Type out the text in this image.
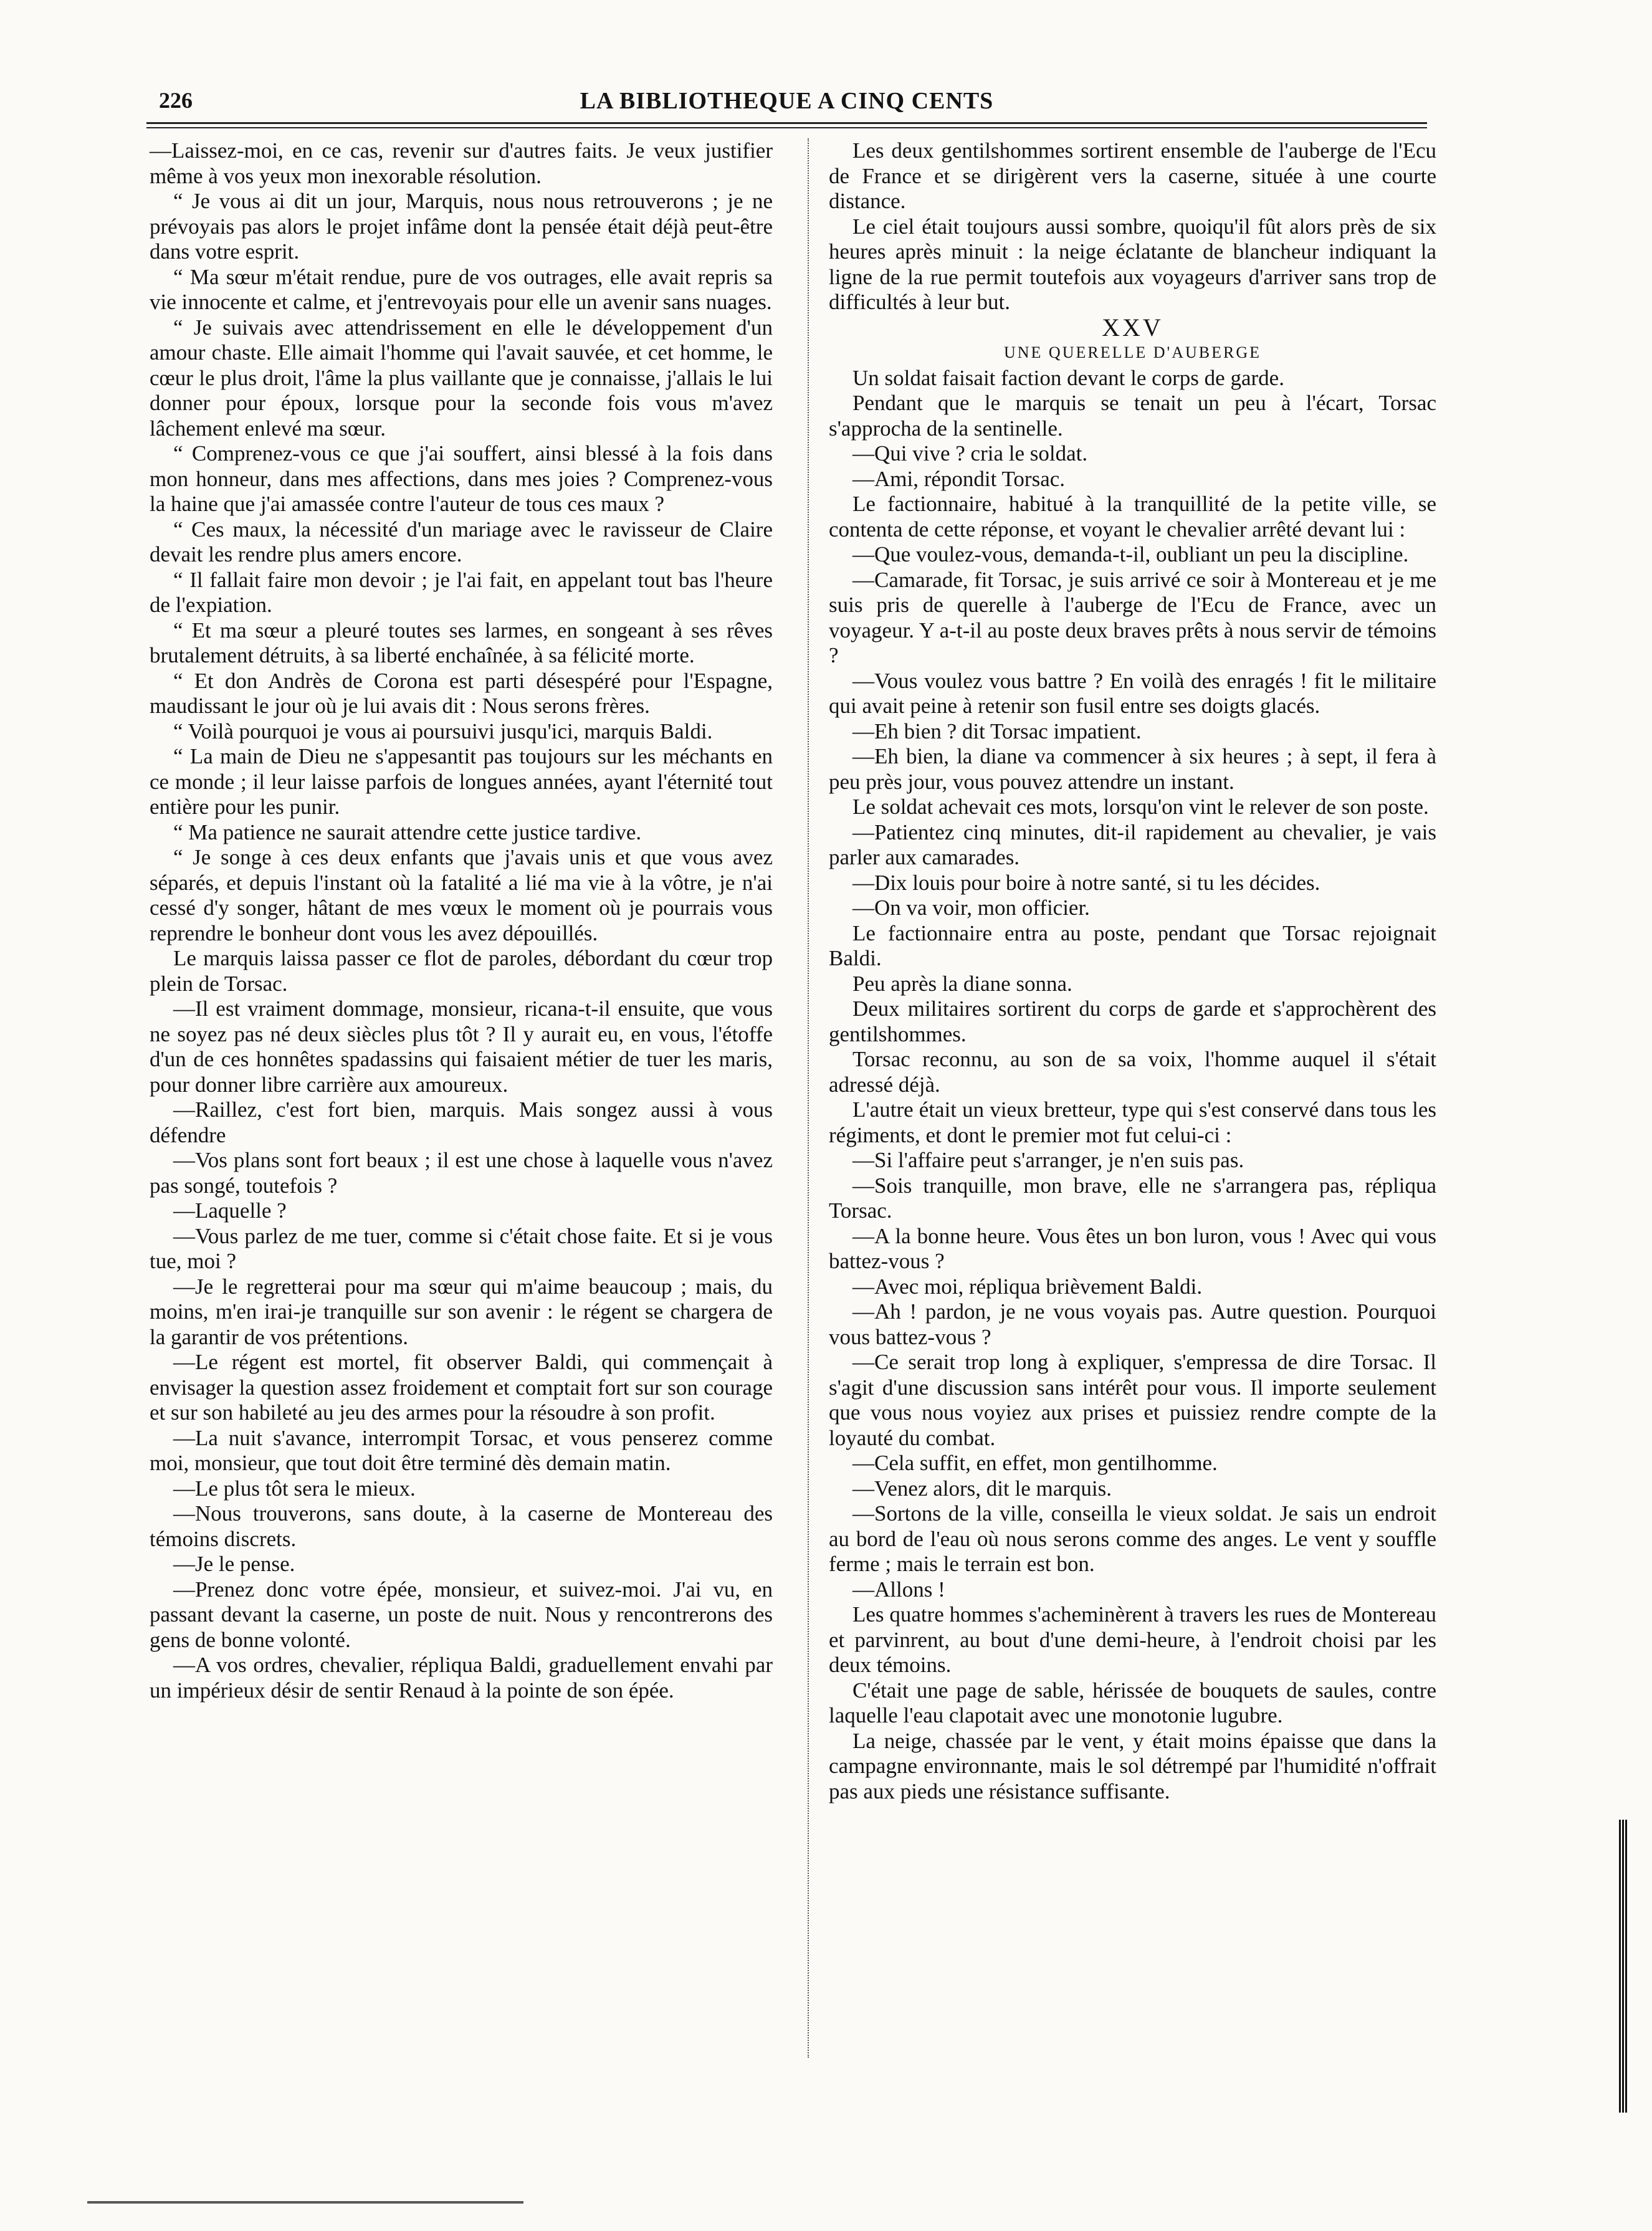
226	LA BIBLIOTHEQUE A CINQ CENTS

—Laissez-moi, en ce cas, revenir sur d'autres faits. Je veux justifier même à vos yeux mon inexorable résolution.

“ Je vous ai dit un jour, Marquis, nous nous retrouverons ; je ne prévoyais pas alors le projet infâme dont la pensée était déjà peut-être dans votre esprit.

“ Ma sœur m'était rendue, pure de vos outrages, elle avait repris sa vie innocente et calme, et j'entrevoyais pour elle un avenir sans nuages.

“ Je suivais avec attendrissement en elle le développement d'un amour chaste. Elle aimait l'homme qui l'avait sauvée, et cet homme, le cœur le plus droit, l'âme la plus vaillante que je connaisse, j'allais le lui donner pour époux, lorsque pour la seconde fois vous m'avez lâchement enlevé ma sœur.

“ Comprenez-vous ce que j'ai souffert, ainsi blessé à la fois dans mon honneur, dans mes affections, dans mes joies ? Comprenez-vous la haine que j'ai amassée contre l'auteur de tous ces maux ?

“ Ces maux, la nécessité d'un mariage avec le ravisseur de Claire devait les rendre plus amers encore.

“ Il fallait faire mon devoir ; je l'ai fait, en appelant tout bas l'heure de l'expiation.

“ Et ma sœur a pleuré toutes ses larmes, en songeant à ses rêves brutalement détruits, à sa liberté enchaînée, à sa félicité morte.

“ Et don Andrès de Corona est parti désespéré pour l'Espagne, maudissant le jour où je lui avais dit : Nous serons frères.

“ Voilà pourquoi je vous ai poursuivi jusqu'ici, marquis Baldi.

“ La main de Dieu ne s'appesantit pas toujours sur les méchants en ce monde ; il leur laisse parfois de longues années, ayant l'éternité tout entière pour les punir.

“ Ma patience ne saurait attendre cette justice tardive.

“ Je songe à ces deux enfants que j'avais unis et que vous avez séparés, et depuis l'instant où la fatalité a lié ma vie à la vôtre, je n'ai cessé d'y songer, hâtant de mes vœux le moment où je pourrais vous reprendre le bonheur dont vous les avez dépouillés.

Le marquis laissa passer ce flot de paroles, débordant du cœur trop plein de Torsac.

—Il est vraiment dommage, monsieur, ricana-t-il ensuite, que vous ne soyez pas né deux siècles plus tôt ? Il y aurait eu, en vous, l'étoffe d'un de ces honnêtes spadassins qui faisaient métier de tuer les maris, pour donner libre carrière aux amoureux.

—Raillez, c'est fort bien, marquis. Mais songez aussi à vous défendre

—Vos plans sont fort beaux ; il est une chose à laquelle vous n'avez pas songé, toutefois ?

—Laquelle ?

—Vous parlez de me tuer, comme si c'était chose faite. Et si je vous tue, moi ?

—Je le regretterai pour ma sœur qui m'aime beaucoup ; mais, du moins, m'en irai-je tranquille sur son avenir : le régent se chargera de la garantir de vos prétentions.

—Le régent est mortel, fit observer Baldi, qui commençait à envisager la question assez froidement et comptait fort sur son courage et sur son habileté au jeu des armes pour la résoudre à son profit.

—La nuit s'avance, interrompit Torsac, et vous penserez comme moi, monsieur, que tout doit être terminé dès demain matin.

—Le plus tôt sera le mieux.

—Nous trouverons, sans doute, à la caserne de Montereau des témoins discrets.

—Je le pense.

—Prenez donc votre épée, monsieur, et suivez-moi. J'ai vu, en passant devant la caserne, un poste de nuit. Nous y rencontrerons des gens de bonne volonté.

—A vos ordres, chevalier, répliqua Baldi, graduellement envahi par un impérieux désir de sentir Renaud à la pointe de son épée.

Les deux gentilshommes sortirent ensemble de l'auberge de l'Ecu de France et se dirigèrent vers la caserne, située à une courte distance.

Le ciel était toujours aussi sombre, quoiqu'il fût alors près de six heures après minuit : la neige éclatante de blancheur indiquant la ligne de la rue permit toutefois aux voyageurs d'arriver sans trop de difficultés à leur but.

XXV

UNE QUERELLE D'AUBERGE

Un soldat faisait faction devant le corps de garde.

Pendant que le marquis se tenait un peu à l'écart, Torsac s'approcha de la sentinelle.

—Qui vive ? cria le soldat.

—Ami, répondit Torsac.

Le factionnaire, habitué à la tranquillité de la petite ville, se contenta de cette réponse, et voyant le chevalier arrêté devant lui :

—Que voulez-vous, demanda-t-il, oubliant un peu la discipline.

—Camarade, fit Torsac, je suis arrivé ce soir à Montereau et je me suis pris de querelle à l'auberge de l'Ecu de France, avec un voyageur. Y a-t-il au poste deux braves prêts à nous servir de témoins ?

—Vous voulez vous battre ? En voilà des enragés ! fit le militaire qui avait peine à retenir son fusil entre ses doigts glacés.

—Eh bien ? dit Torsac impatient.

—Eh bien, la diane va commencer à six heures ; à sept, il fera à peu près jour, vous pouvez attendre un instant.

Le soldat achevait ces mots, lorsqu'on vint le relever de son poste.

—Patientez cinq minutes, dit-il rapidement au chevalier, je vais parler aux camarades.

—Dix louis pour boire à notre santé, si tu les décides.

—On va voir, mon officier.

Le factionnaire entra au poste, pendant que Torsac rejoignait Baldi.

Peu après la diane sonna.

Deux militaires sortirent du corps de garde et s'approchèrent des gentilshommes.

Torsac reconnu, au son de sa voix, l'homme auquel il s'était adressé déjà.

L'autre était un vieux bretteur, type qui s'est conservé dans tous les régiments, et dont le premier mot fut celui-ci :

—Si l'affaire peut s'arranger, je n'en suis pas.

—Sois tranquille, mon brave, elle ne s'arrangera pas, répliqua Torsac.

—A la bonne heure. Vous êtes un bon luron, vous ! Avec qui vous battez-vous ?

—Avec moi, répliqua brièvement Baldi.

—Ah ! pardon, je ne vous voyais pas. Autre question. Pourquoi vous battez-vous ?

—Ce serait trop long à expliquer, s'empressa de dire Torsac. Il s'agit d'une discussion sans intérêt pour vous. Il importe seulement que vous nous voyiez aux prises et puissiez rendre compte de la loyauté du combat.

—Cela suffit, en effet, mon gentilhomme.

—Venez alors, dit le marquis.

—Sortons de la ville, conseilla le vieux soldat. Je sais un endroit au bord de l'eau où nous serons comme des anges. Le vent y souffle ferme ; mais le terrain est bon.

—Allons !

Les quatre hommes s'acheminèrent à travers les rues de Montereau et parvinrent, au bout d'une demi-heure, à l'endroit choisi par les deux témoins.

C'était une page de sable, hérissée de bouquets de saules, contre laquelle l'eau clapotait avec une monotonie lugubre.

La neige, chassée par le vent, y était moins épaisse que dans la campagne environnante, mais le sol détrempé par l'humidité n'offrait pas aux pieds une résistance suffisante.
